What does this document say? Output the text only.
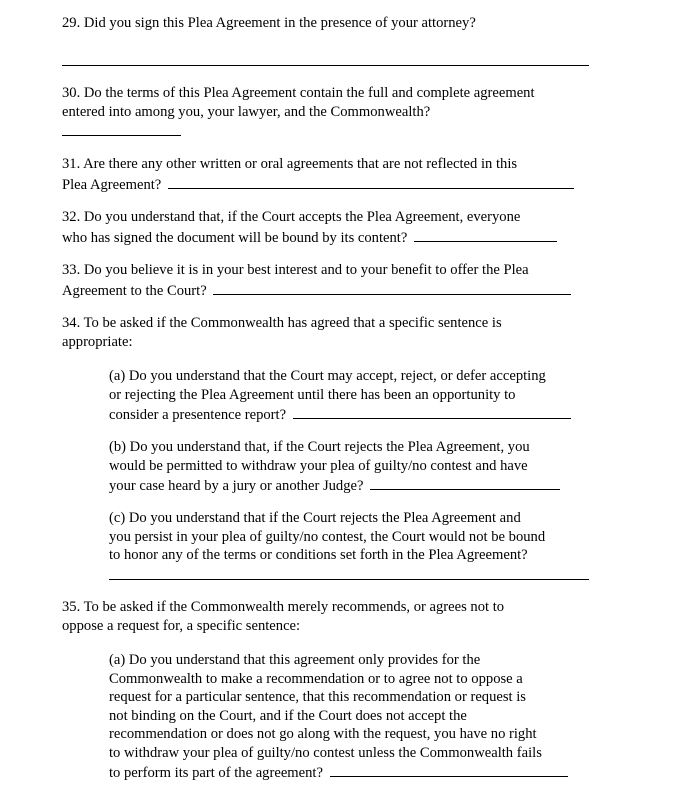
29. Did you sign this Plea Agreement in the presence of your attorney?

30. Do the terms of this Plea Agreement contain the full and complete agreement

entered into among you, your lawyer, and the Commonwealth?

31. Are there any other written or oral agreements that are not reflected in this

Plea Agreement?

32. Do you understand that, if the Court accepts the Plea Agreement, everyone

who has signed the document will be bound by its content?

33. Do you believe it is in your best interest and to your benefit to offer the Plea

Agreement to the Court?

34. To be asked if the Commonwealth has agreed that a specific sentence is

appropriate:

(a) Do you understand that the Court may accept, reject, or defer accepting

or rejecting the Plea Agreement until there has been an opportunity to

consider a presentence report?

(b) Do you understand that, if the Court rejects the Plea Agreement, you

would be permitted to withdraw your plea of guilty/no contest and have

your case heard by a jury or another Judge?

(c) Do you understand that if the Court rejects the Plea Agreement and

you persist in your plea of guilty/no contest, the Court would not be bound

to honor any of the terms or conditions set forth in the Plea Agreement?

35. To be asked if the Commonwealth merely recommends, or agrees not to

oppose a request for, a specific sentence:

(a) Do you understand that this agreement only provides for the

Commonwealth to make a recommendation or to agree not to oppose a

request for a particular sentence, that this recommendation or request is

not binding on the Court, and if the Court does not accept the

recommendation or does not go along with the request, you have no right

to withdraw your plea of guilty/no contest unless the Commonwealth fails

to perform its part of the agreement?
